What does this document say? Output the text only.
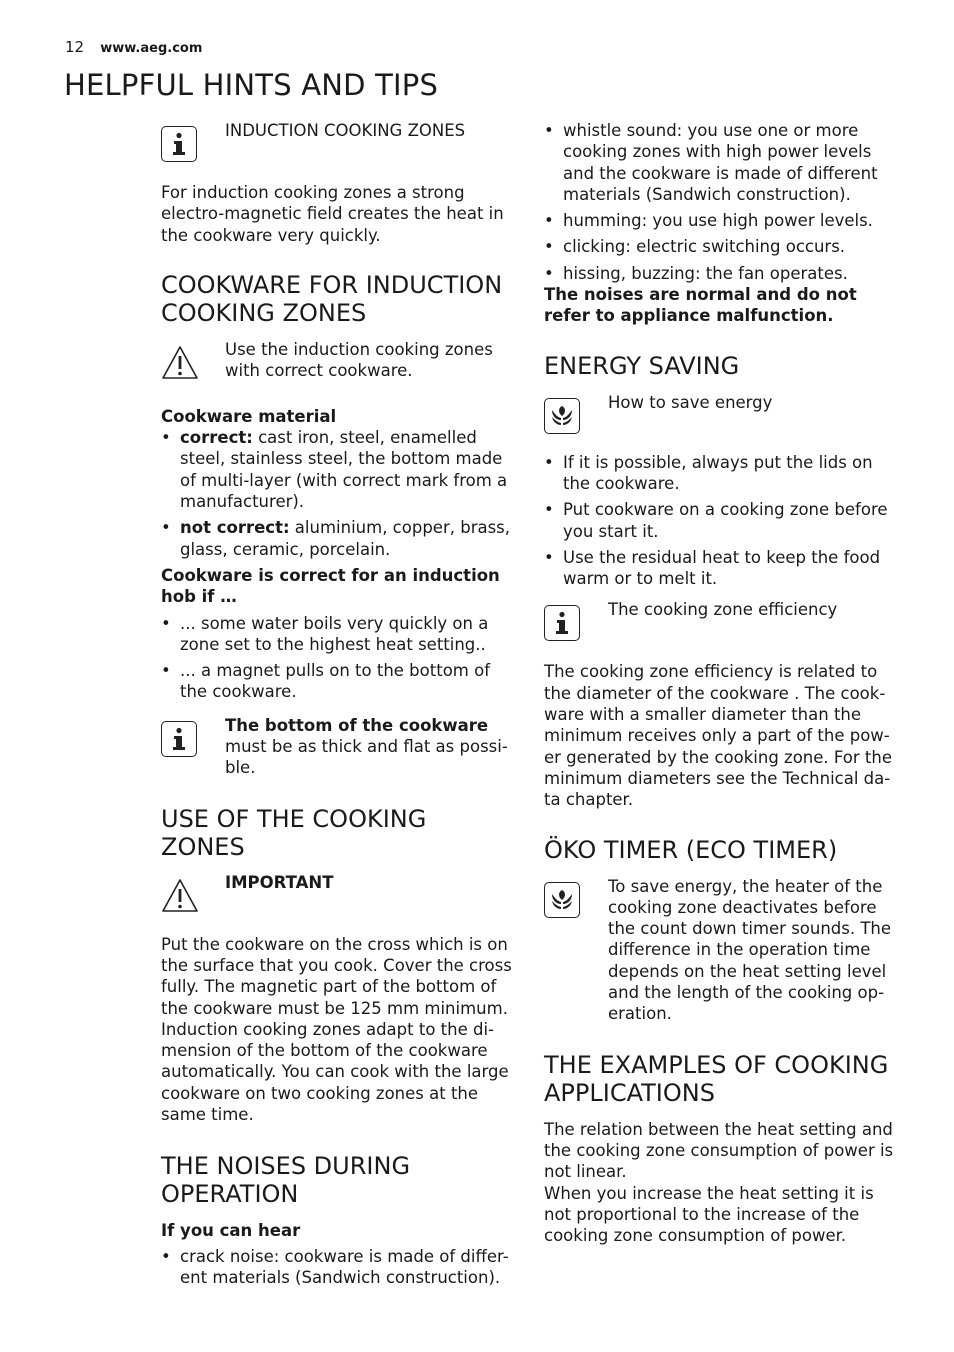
12 www.aeg.com
HELPFUL HINTS AND TIPS
INDUCTION COOKING ZONES

For induction cooking zones a strong electro-magnetic field creates the heat in the cookware very quickly.

COOKWARE FOR INDUCTION COOKING ZONES
Use the induction cooking zones with correct cookware.

Cookware material

• correct: cast iron, steel, enamelled steel, stainless steel, the bottom made of multi-layer (with correct mark from a manufacturer).
• not correct: aluminium, copper, brass, glass, ceramic, porcelain.

Cookware is correct for an induction hob if …

• ... some water boils very quickly on a zone set to the highest heat setting..
• ... a magnet pulls on to the bottom of the cookware.
The bottom of the cookware must be as thick and flat as possi-ble.
USE OF THE COOKING ZONES
IMPORTANT

Put the cookware on the cross which is on the surface that you cook. Cover the cross fully. The magnetic part of the bottom of the cookware must be 125 mm minimum. Induction cooking zones adapt to the di-mension of the bottom of the cookware automatically. You can cook with the large cookware on two cooking zones at the same time.

THE NOISES DURING OPERATION

If you can hear

• crack noise: cookware is made of differ-ent materials (Sandwich construction).
• whistle sound: you use one or more cooking zones with high power levels and the cookware is made of different materials (Sandwich construction).
• humming: you use high power levels.
• clicking: electric switching occurs.
• hissing, buzzing: the fan operates.

The noises are normal and do not refer to appliance malfunction.

ENERGY SAVING
How to save energy
• If it is possible, always put the lids on the cookware.
• Put cookware on a cooking zone before you start it.
• Use the residual heat to keep the food warm or to melt it.
The cooking zone efficiency

The cooking zone efficiency is related to the diameter of the cookware . The cook-ware with a smaller diameter than the minimum receives only a part of the pow-er generated by the cooking zone. For the minimum diameters see the Technical da-ta chapter.

ÖKO TIMER (ECO TIMER)
To save energy, the heater of the cooking zone deactivates before the count down timer sounds. The difference in the operation time depends on the heat setting level and the length of the cooking op-eration.
THE EXAMPLES OF COOKING APPLICATIONS

The relation between the heat setting and the cooking zone consumption of power is not linear.

When you increase the heat setting it is not proportional to the increase of the cooking zone consumption of power.
